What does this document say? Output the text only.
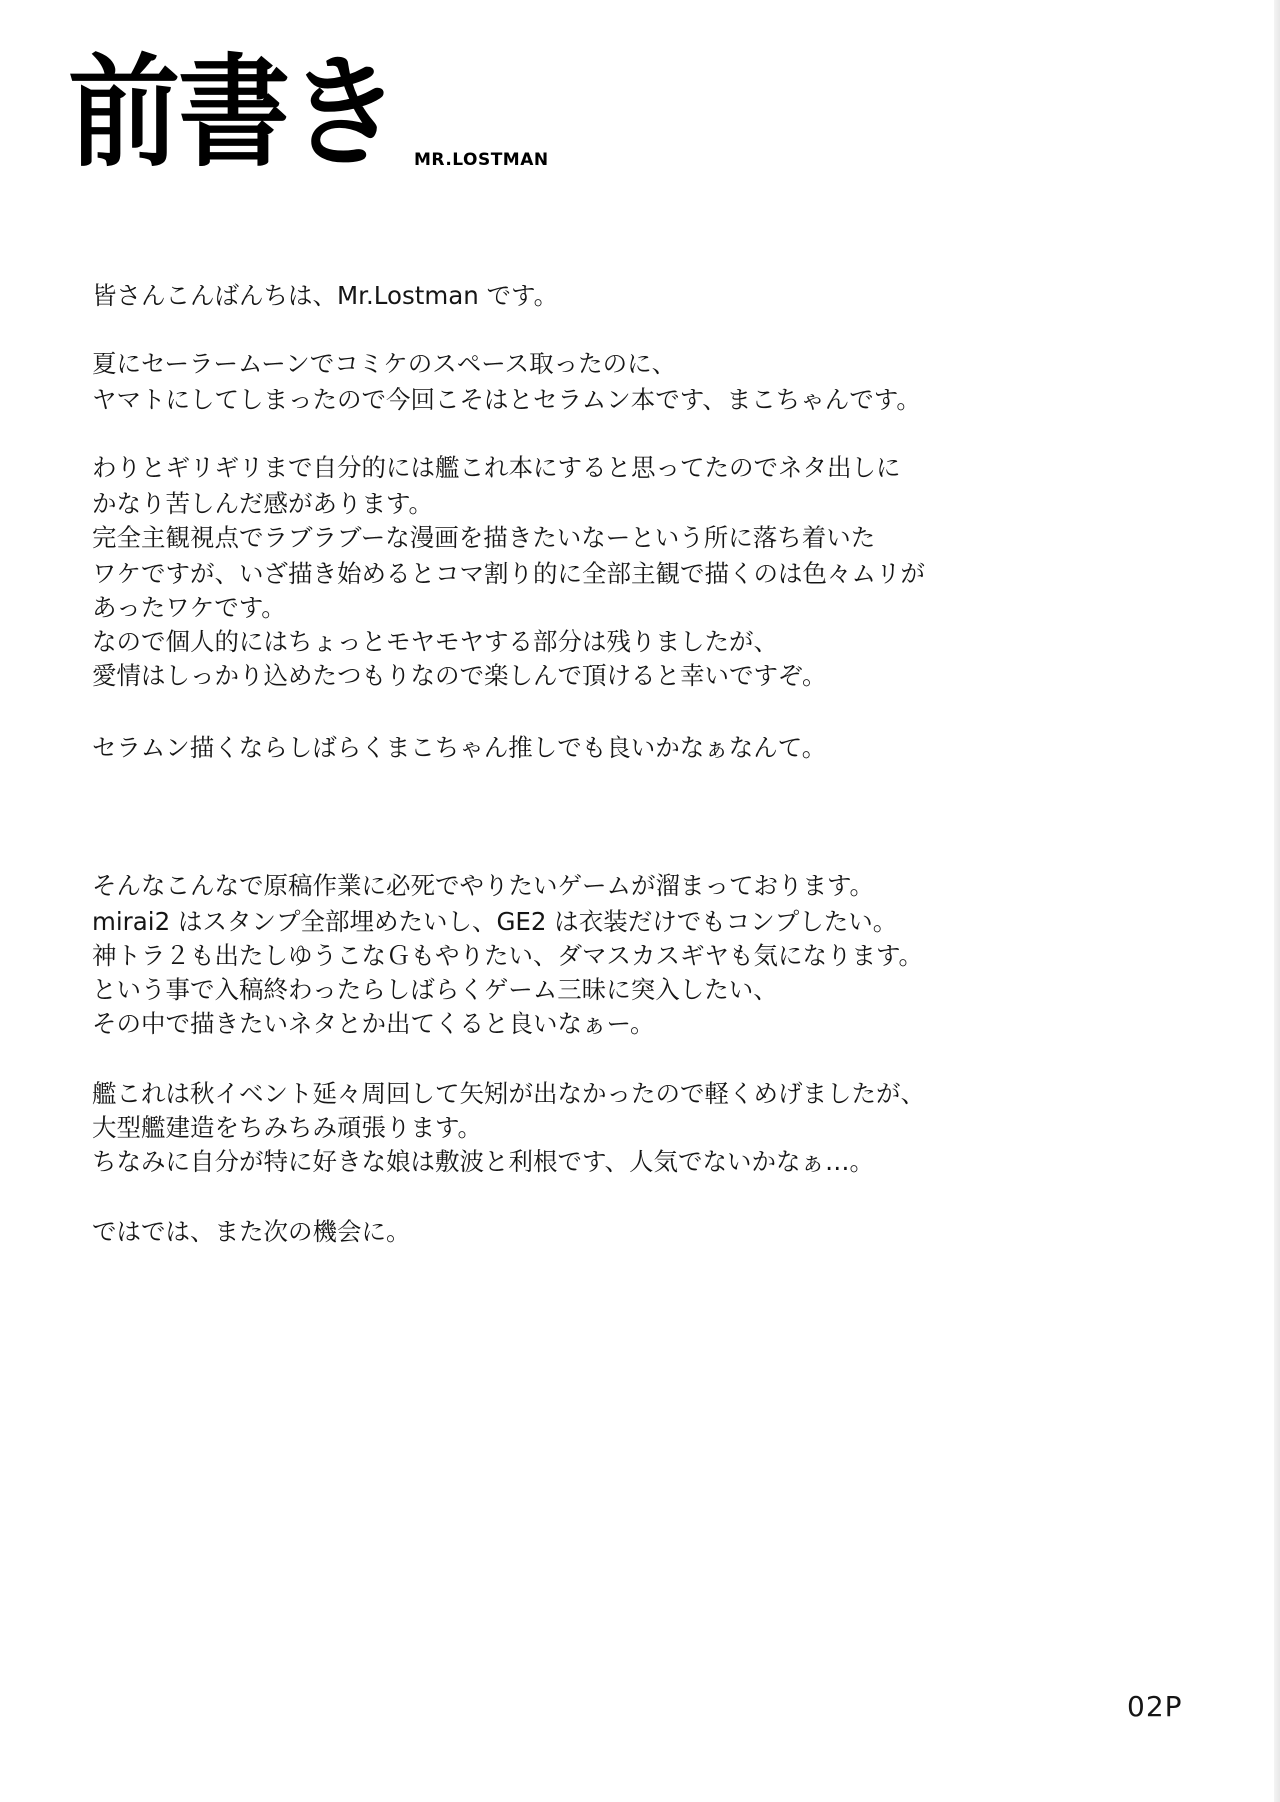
前書き MR.LOSTMAN
皆さんこんばんちは、Mr.Lostman です。
夏にセーラームーンでコミケのスペース取ったのに、
ヤマトにしてしまったので今回こそはとセラムン本です、まこちゃんです。
わりとギリギリまで自分的には艦これ本にすると思ってたのでネタ出しに
かなり苦しんだ感があります。
完全主観視点でラブラブーな漫画を描きたいなーという所に落ち着いた
ワケですが、いざ描き始めるとコマ割り的に全部主観で描くのは色々ムリが
あったワケです。
なので個人的にはちょっとモヤモヤする部分は残りましたが、
愛情はしっかり込めたつもりなので楽しんで頂けると幸いですぞ。
セラムン描くならしばらくまこちゃん推しでも良いかなぁなんて。
そんなこんなで原稿作業に必死でやりたいゲームが溜まっております。
mirai2 はスタンプ全部埋めたいし、GE2 は衣装だけでもコンプしたい。
神トラ２も出たしゆうこなＧもやりたい、ダマスカスギヤも気になります。
という事で入稿終わったらしばらくゲーム三昧に突入したい、
その中で描きたいネタとか出てくると良いなぁー。
艦これは秋イベント延々周回して矢矧が出なかったので軽くめげましたが、
大型艦建造をちみちみ頑張ります。
ちなみに自分が特に好きな娘は敷波と利根です、人気でないかなぁ…。
ではでは、また次の機会に。
02P
